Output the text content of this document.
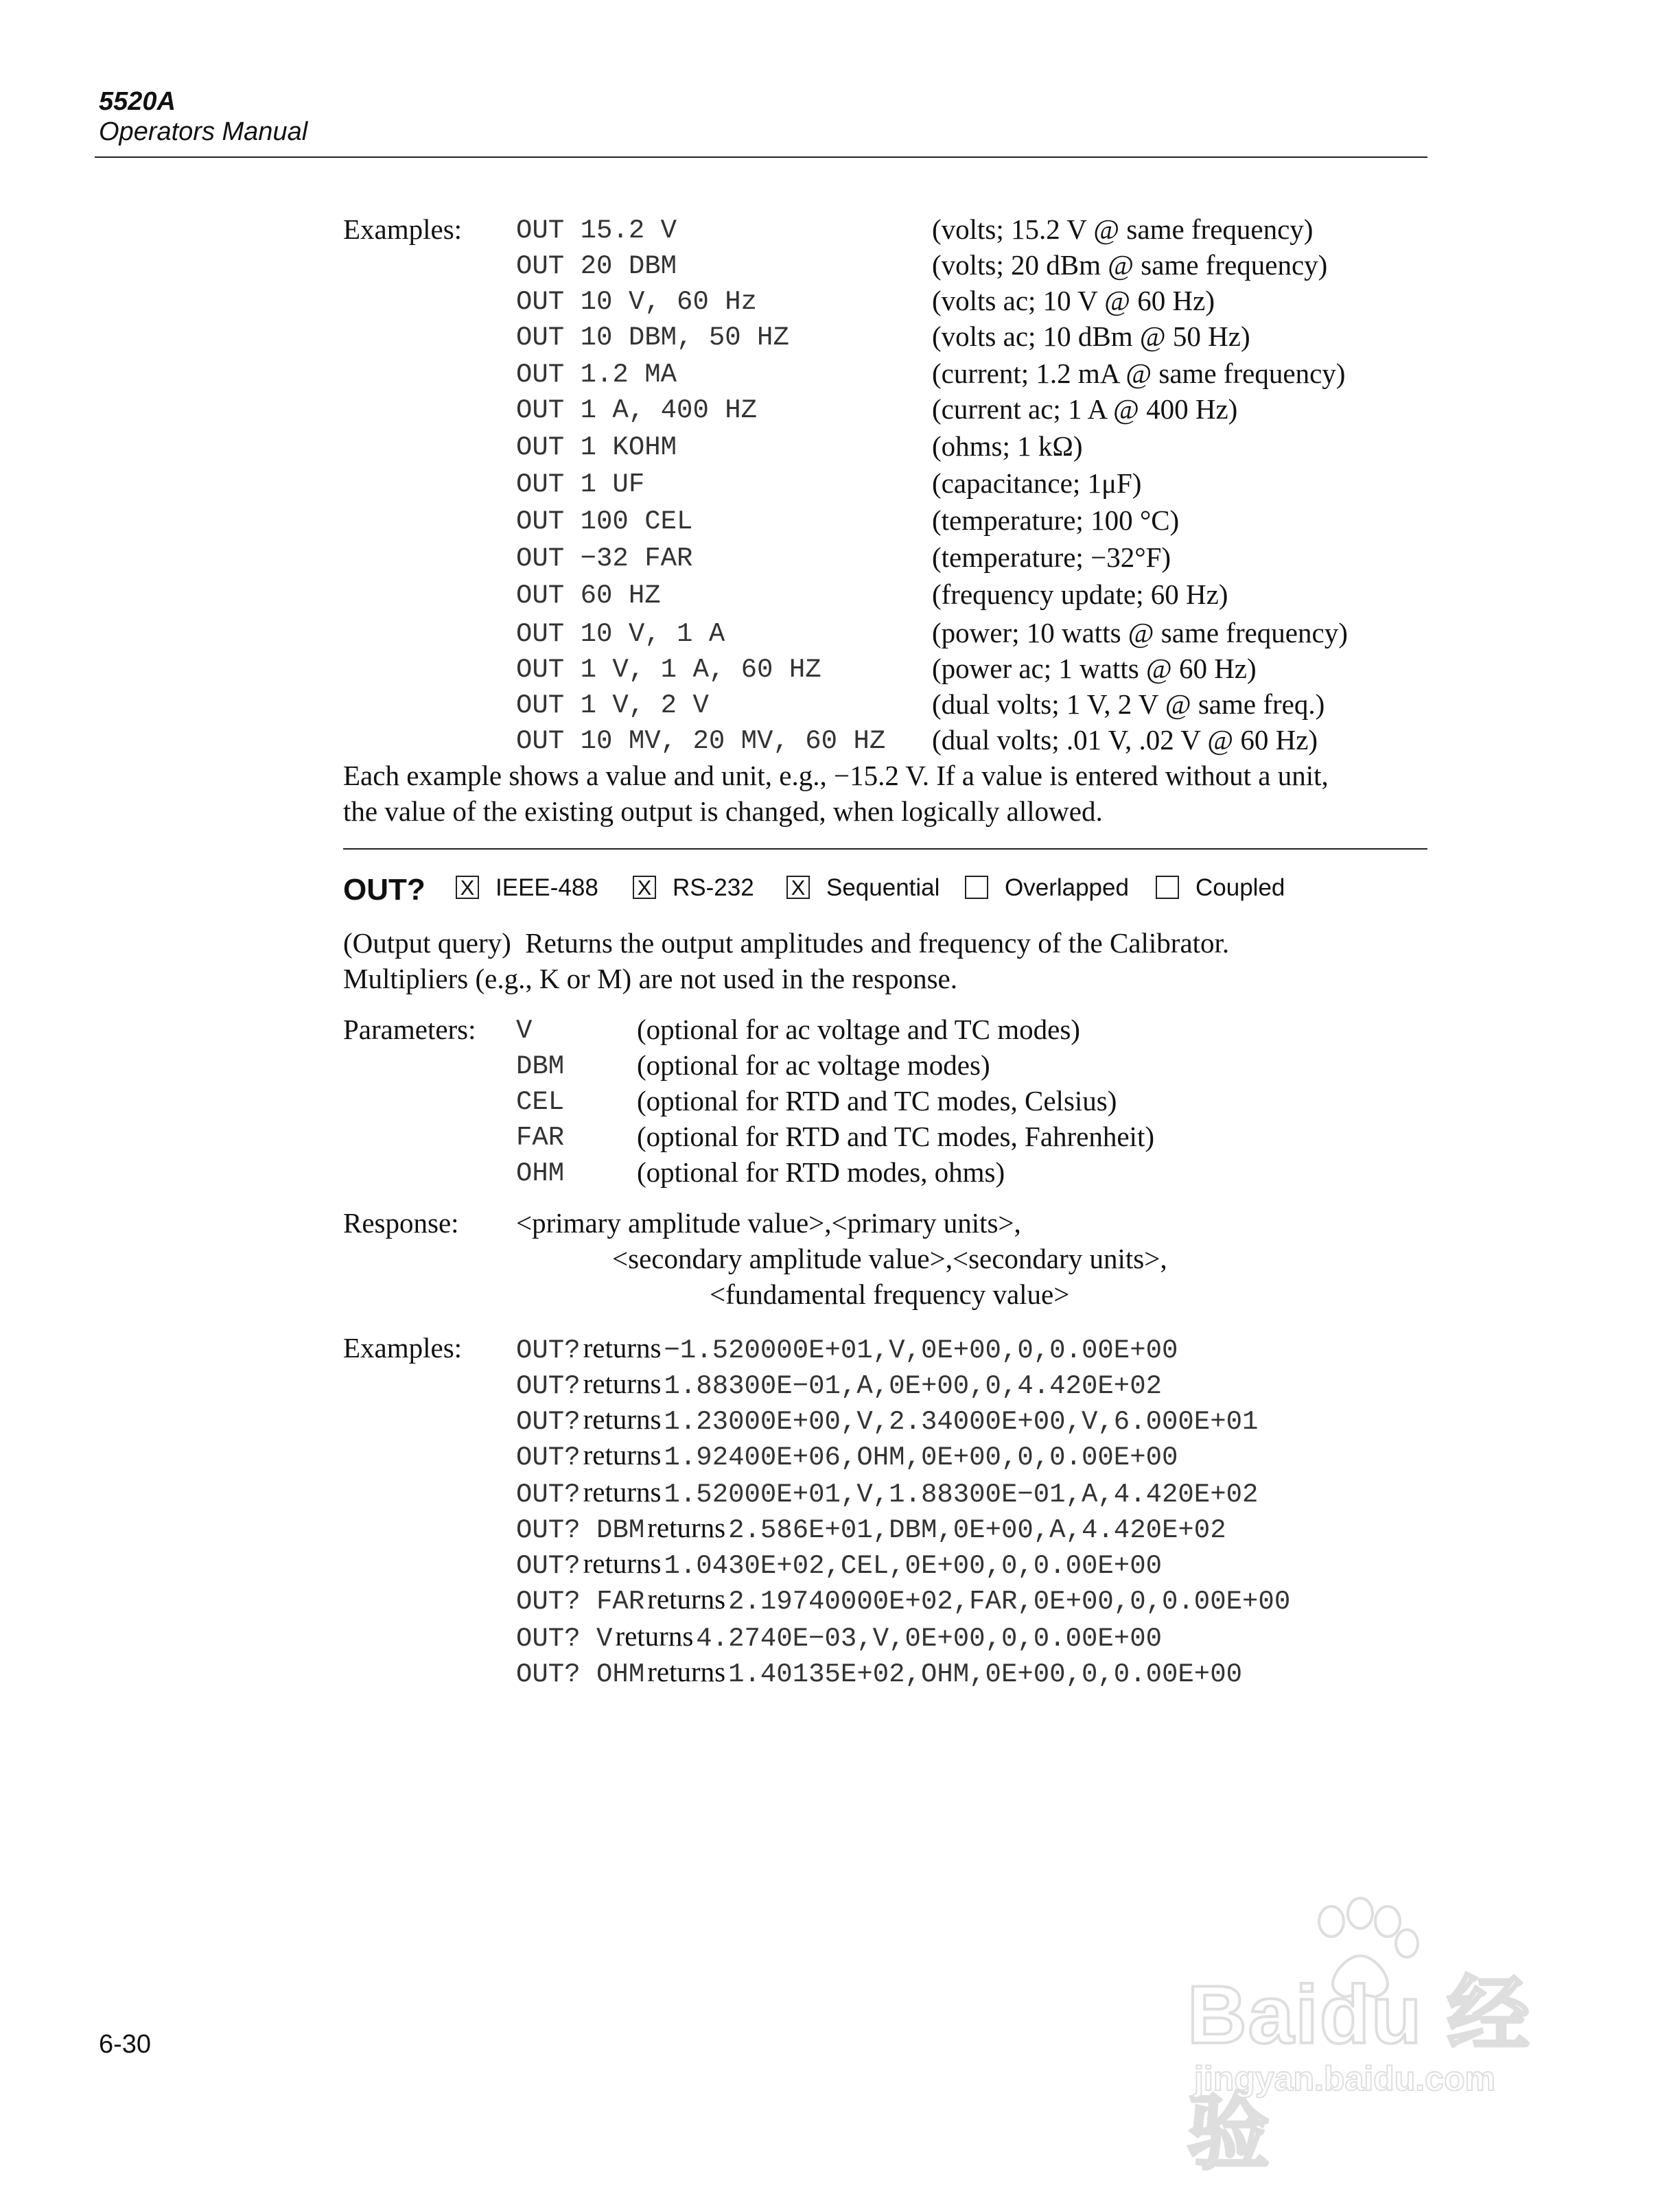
5520A
Operators Manual
Examples: OUT 15.2 V	(volts; 15.2 V @ same frequency)
OUT 20 DBM	(volts; 20 dBm @ same frequency)
OUT 10 V, 60 Hz	(volts ac; 10 V @ 60 Hz)
OUT 10 DBM, 50 HZ	(volts ac; 10 dBm @ 50 Hz)
OUT 1.2 MA	(current; 1.2 mA @ same frequency)
OUT 1 A, 400 HZ	(current ac; 1 A @ 400 Hz)
OUT 1 KOHM	(ohms; 1 kΩ)
OUT 1 UF	(capacitance; 1μF)
OUT 100 CEL	(temperature; 100 °C)
OUT −32 FAR	(temperature; −32°F)
OUT 60 HZ	(frequency update; 60 Hz)
OUT 10 V, 1 A	(power; 10 watts @ same frequency)
OUT 1 V, 1 A, 60 HZ	(power ac; 1 watts @ 60 Hz)
OUT 1 V, 2 V	(dual volts; 1 V, 2 V @ same freq.)
OUT 10 MV, 20 MV, 60 HZ (dual volts; .01 V, .02 V @ 60 Hz)
Each example shows a value and unit, e.g., −15.2 V. If a value is entered without a unit,
the value of the existing output is changed, when logically allowed.
OUT? X IEEE-488 X RS-232 X Sequential	Overlapped	Coupled
(Output query)  Returns the output amplitudes and frequency of the Calibrator.
Multipliers (e.g., K or M) are not used in the response.
Parameters: V	(optional for ac voltage and TC modes)
DBM	(optional for ac voltage modes)
CEL	(optional for RTD and TC modes, Celsius)
FAR	(optional for RTD and TC modes, Fahrenheit)
OHM	(optional for RTD modes, ohms)
Response: <primary amplitude value>,<primary units>,
<secondary amplitude value>,<secondary units>,
<fundamental frequency value>
Examples: OUT? returns −1.520000E+01,V,0E+00,0,0.00E+00
OUT? returns 1.88300E−01,A,0E+00,0,4.420E+02
OUT? returns 1.23000E+00,V,2.34000E+00,V,6.000E+01
OUT? returns 1.92400E+06,OHM,0E+00,0,0.00E+00
OUT? returns 1.52000E+01,V,1.88300E−01,A,4.420E+02
OUT? DBM returns 2.586E+01,DBM,0E+00,A,4.420E+02
OUT? returns 1.0430E+02,CEL,0E+00,0,0.00E+00
OUT? FAR returns 2.19740000E+02,FAR,0E+00,0,0.00E+00
OUT? V returns 4.2740E−03,V,0E+00,0,0.00E+00
OUT? OHM returns 1.40135E+02,OHM,0E+00,0,0.00E+00
6-30	Baidu 经验
jingyan.baidu.com
